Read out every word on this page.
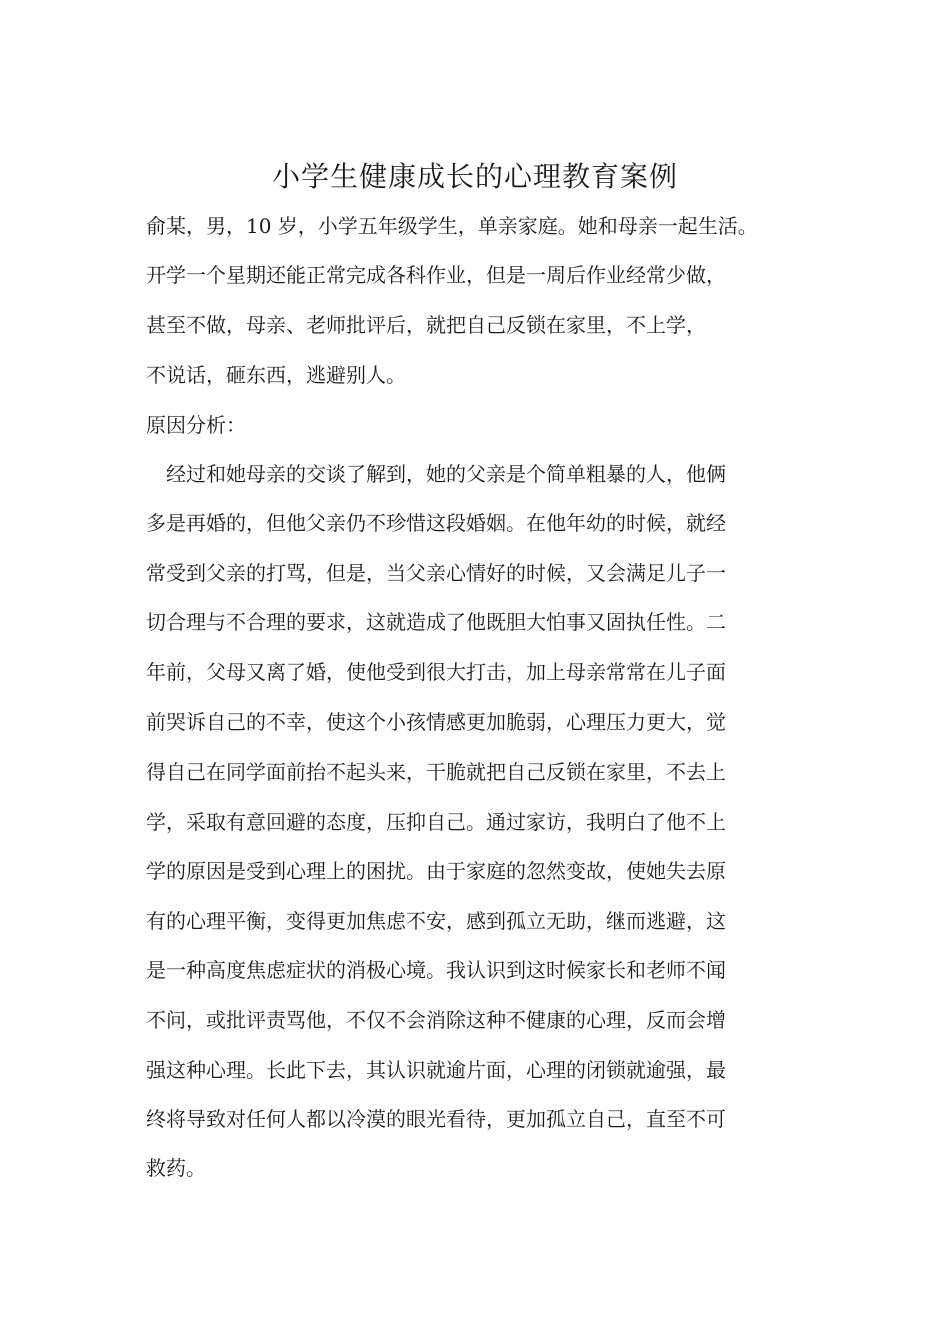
小学生健康成长的心理教育案例
俞某，男，10 岁，小学五年级学生，单亲家庭。她和母亲一起生活。
开学一个星期还能正常完成各科作业，但是一周后作业经常少做，
甚至不做，母亲、老师批评后，就把自己反锁在家里，不上学，
不说话，砸东西，逃避别人。
原因分析：
经过和她母亲的交谈了解到，她的父亲是个简单粗暴的人，他俩
多是再婚的，但他父亲仍不珍惜这段婚姻。在他年幼的时候，就经
常受到父亲的打骂，但是，当父亲心情好的时候，又会满足儿子一
切合理与不合理的要求，这就造成了他既胆大怕事又固执任性。二
年前，父母又离了婚，使他受到很大打击，加上母亲常常在儿子面
前哭诉自己的不幸，使这个小孩情感更加脆弱，心理压力更大，觉
得自己在同学面前抬不起头来，干脆就把自己反锁在家里，不去上
学，采取有意回避的态度，压抑自己。通过家访，我明白了他不上
学的原因是受到心理上的困扰。由于家庭的忽然变故，使她失去原
有的心理平衡，变得更加焦虑不安，感到孤立无助，继而逃避，这
是一种高度焦虑症状的消极心境。我认识到这时候家长和老师不闻
不问，或批评责骂他，不仅不会消除这种不健康的心理，反而会增
强这种心理。长此下去，其认识就逾片面，心理的闭锁就逾强，最
终将导致对任何人都以冷漠的眼光看待，更加孤立自己，直至不可
救药。
